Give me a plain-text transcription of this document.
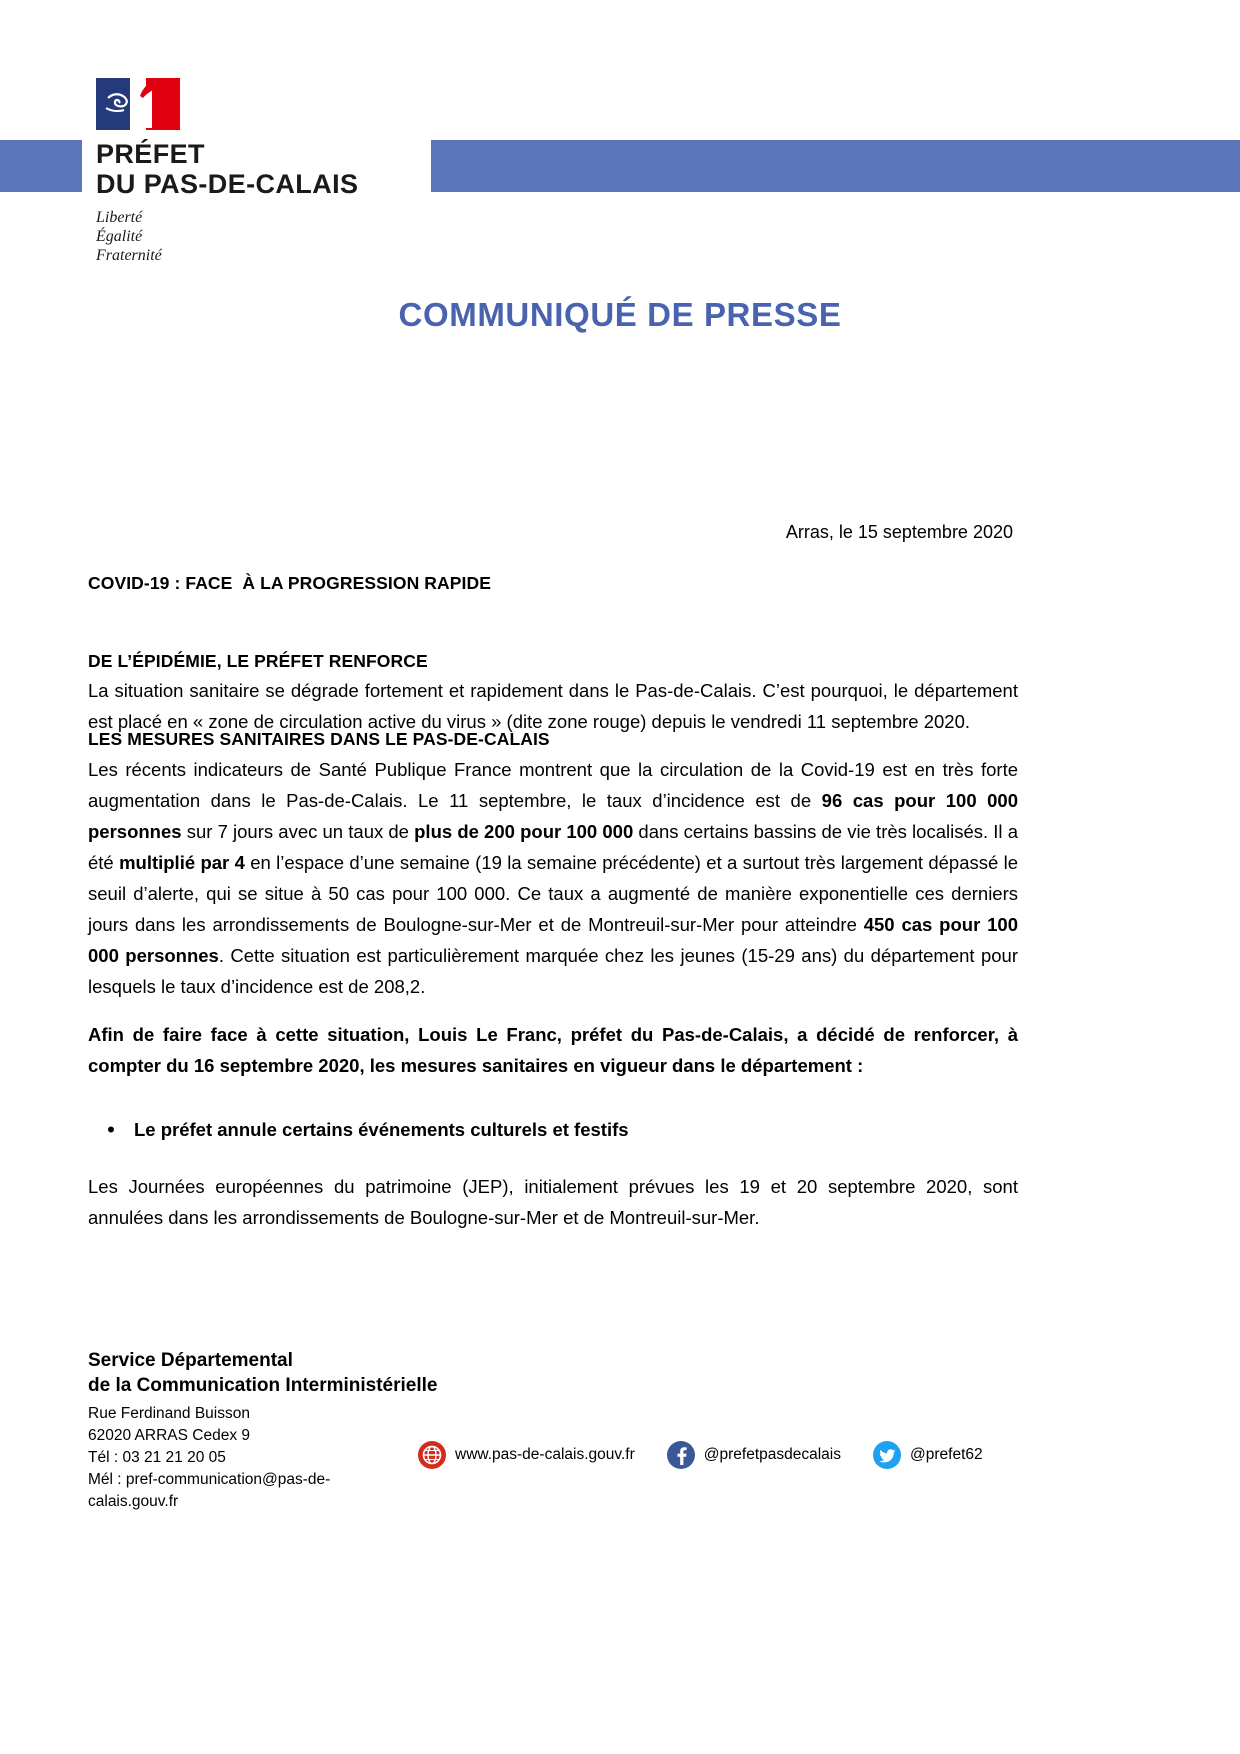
PRÉFET
DU PAS-DE-CALAIS
Liberté
Égalité
Fraternité
COMMUNIQUÉ DE PRESSE

COVID-19 : FACE  À LA PROGRESSION RAPIDE

DE L’ÉPIDÉMIE, LE PRÉFET RENFORCE

LES MESURES SANITAIRES DANS LE PAS-DE-CALAIS

Arras, le 15 septembre 2020

La situation sanitaire se dégrade fortement et rapidement dans le Pas-de-Calais. C’est pourquoi, le département est placé en « zone de circulation active du virus » (dite zone rouge) depuis le vendredi 11 septembre 2020.

Les récents indicateurs de Santé Publique France montrent que la circulation de la Covid-19 est en très forte augmentation dans le Pas-de-Calais. Le 11 septembre, le taux d’incidence est de 96 cas pour 100 000 personnes sur 7 jours avec un taux de plus de 200 pour 100 000 dans certains bassins de vie très localisés. Il a été multiplié par 4 en l’espace d’une semaine (19 la semaine précédente) et a surtout très largement dépassé le seuil d’alerte, qui se situe à 50 cas pour 100 000. Ce taux a augmenté de manière exponentielle ces derniers jours dans les arrondissements de Boulogne-sur-Mer et de Montreuil-sur-Mer pour atteindre 450 cas pour 100 000 personnes. Cette situation est particulièrement marquée chez les jeunes (15-29 ans) du département pour lesquels le taux d’incidence est de 208,2.

Afin de faire face à cette situation, Louis Le Franc, préfet du Pas-de-Calais, a décidé de renforcer, à compter du 16 septembre 2020, les mesures sanitaires en vigueur dans le département :

•	Le préfet annule certains événements culturels et festifs

Les Journées européennes du patrimoine (JEP), initialement prévues les 19 et 20 septembre 2020, sont annulées dans les arrondissements de Boulogne-sur-Mer et de Montreuil-sur-Mer.

Service Départemental
de la Communication Interministérielle
Rue Ferdinand Buisson
62020 ARRAS Cedex 9
Tél : 03 21 21 20 05
Mél : pref-communication@pas-de-calais.gouv.fr
www.pas-de-calais.gouv.fr	@prefetpasdecalais	@prefet62
